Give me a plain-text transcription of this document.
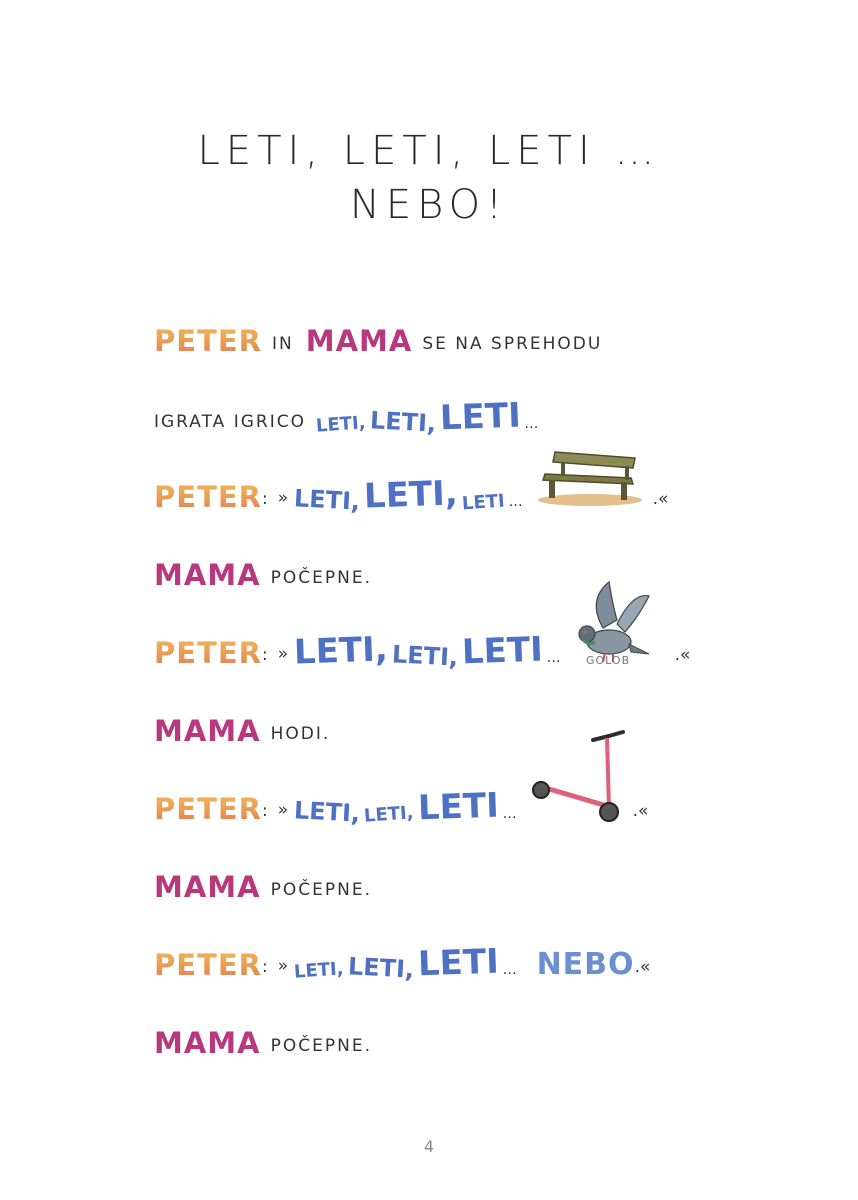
LETI, LETI, LETI …
NEBO!
PETER IN MAMA SE NA SPREHODU
IGRATA IGRICO LETI, LETI, LETI …
PETER : » LETI, LETI, LETI …	.«
MAMA POČEPNE.
PETER : » LETI, LETI, LETI …	.«
GOLOB
MAMA HODI.
PETER : » LETI, LETI, LETI …	.«
MAMA POČEPNE.
PETER : » LETI, LETI, LETI … NEBO .«
MAMA POČEPNE.
4
